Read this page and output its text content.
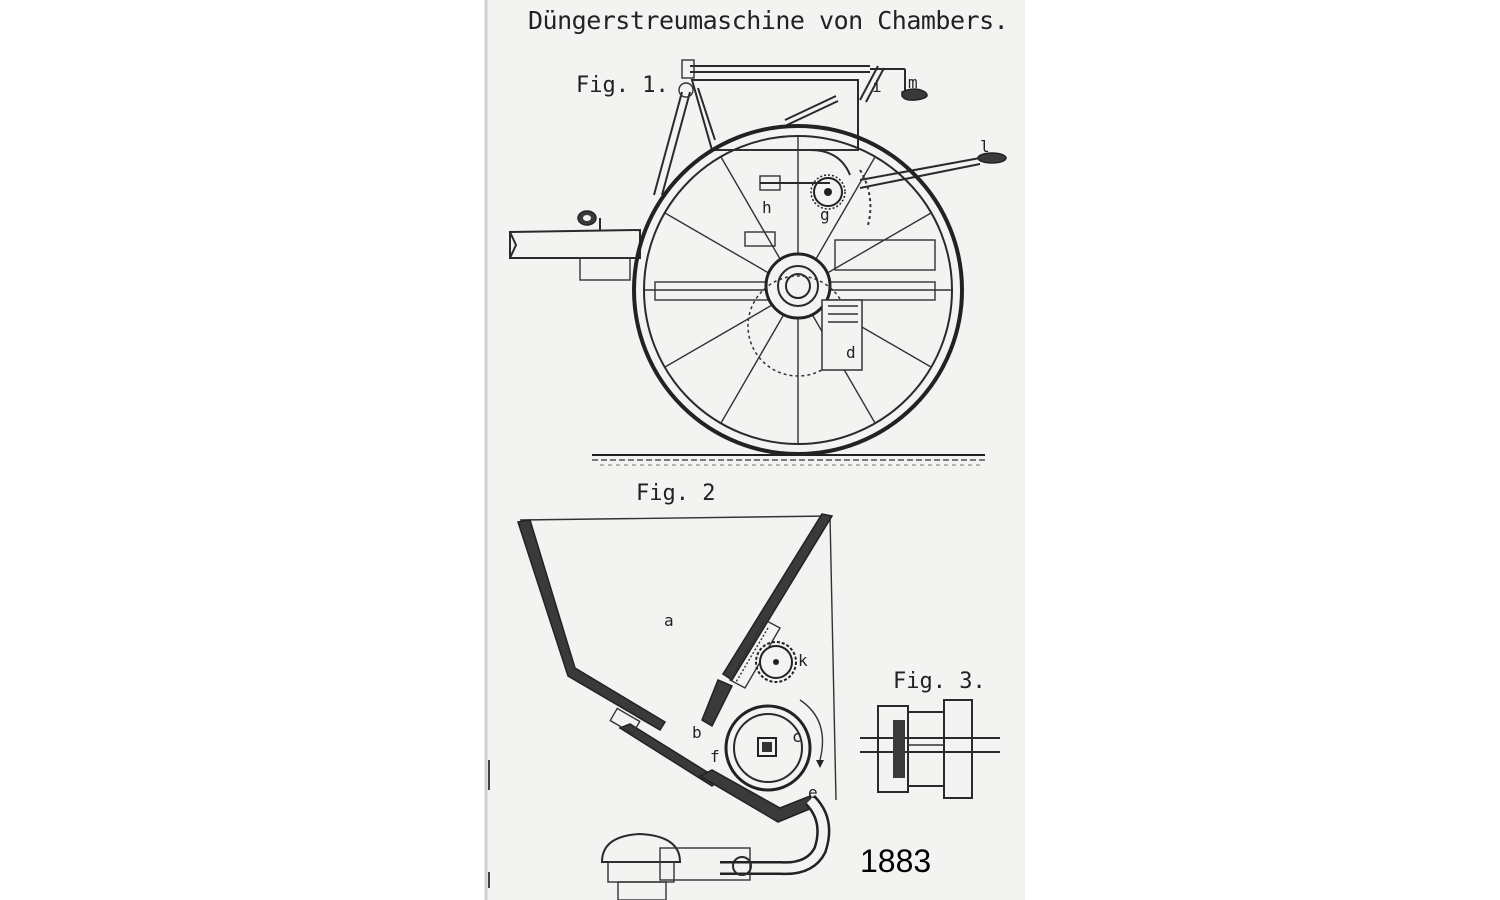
Düngerstreumaschine von Chambers.
Fig. 1.	m
i
l
h	g
d
Fig. 2
a
k
b	c
f
e
Fig. 3.
1883
